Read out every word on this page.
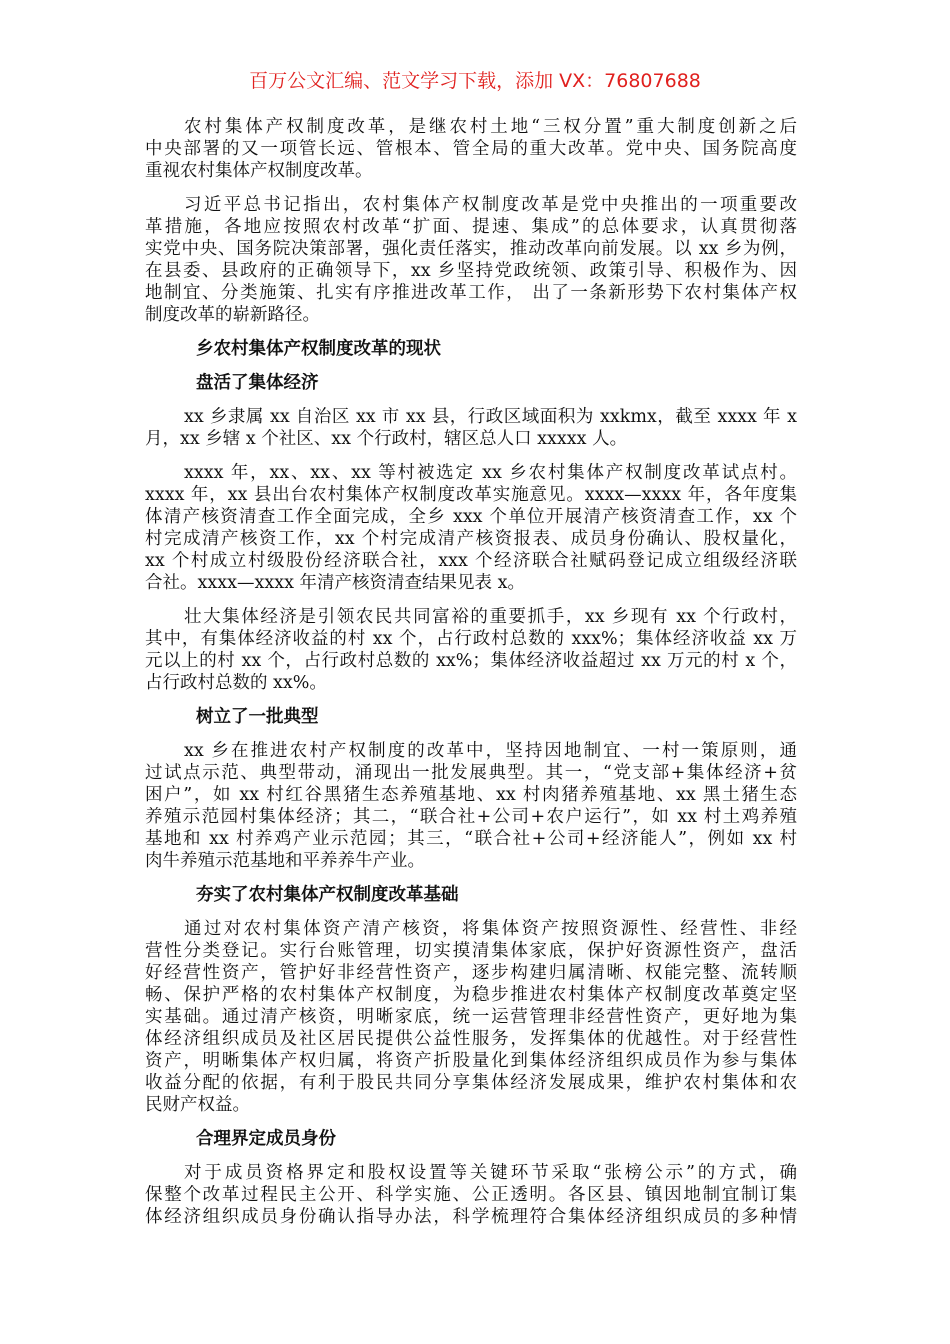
百万公文汇编、范文学习下载，添加 VX：76807688
农村集体产权制度改革，是继农村土地“三权分置”重大制度创新之后
中央部署的又一项管长远、管根本、管全局的重大改革。党中央、国务院高度
重视农村集体产权制度改革。
习近平总书记指出，农村集体产权制度改革是党中央推出的一项重要改
革措施，各地应按照农村改革“扩面、提速、集成”的总体要求，认真贯彻落
实党中央、国务院决策部署，强化责任落实，推动改革向前发展。以 xx 乡为例，
在县委、县政府的正确领导下，xx 乡坚持党政统领、政策引导、积极作为、因
地制宜、分类施策、扎实有序推进改革工作， 出了一条新形势下农村集体产权
制度改革的崭新路径。
乡农村集体产权制度改革的现状
盘活了集体经济
xx 乡隶属 xx 自治区 xx 市 xx 县，行政区域面积为 xxkmx，截至 xxxx 年 x
月，xx 乡辖 x 个社区、xx 个行政村，辖区总人口 xxxxx 人。
xxxx 年，xx、xx、xx 等村被选定 xx 乡农村集体产权制度改革试点村。
xxxx 年，xx 县出台农村集体产权制度改革实施意见。xxxx—xxxx 年，各年度集
体清产核资清查工作全面完成，全乡 xxx 个单位开展清产核资清查工作，xx 个
村完成清产核资工作，xx 个村完成清产核资报表、成员身份确认、股权量化，
xx 个村成立村级股份经济联合社，xxx 个经济联合社赋码登记成立组级经济联
合社。xxxx—xxxx 年清产核资清查结果见表 x。
壮大集体经济是引领农民共同富裕的重要抓手，xx 乡现有 xx 个行政村，
其中，有集体经济收益的村 xx 个，占行政村总数的 xxx%；集体经济收益 xx 万
元以上的村 xx 个，占行政村总数的 xx%；集体经济收益超过 xx 万元的村 x 个，
占行政村总数的 xx%。
树立了一批典型
xx 乡在推进农村产权制度的改革中，坚持因地制宜、一村一策原则，通
过试点示范、典型带动，涌现出一批发展典型。其一，“党支部+集体经济+贫
困户”，如 xx 村红谷黑猪生态养殖基地、xx 村肉猪养殖基地、xx 黑土猪生态
养殖示范园村集体经济；其二，“联合社+公司+农户运行”，如 xx 村土鸡养殖
基地和 xx 村养鸡产业示范园；其三，“联合社+公司+经济能人”，例如 xx 村
肉牛养殖示范基地和平养养牛产业。
夯实了农村集体产权制度改革基础
通过对农村集体资产清产核资，将集体资产按照资源性、经营性、非经
营性分类登记。实行台账管理，切实摸清集体家底，保护好资源性资产，盘活
好经营性资产，管护好非经营性资产，逐步构建归属清晰、权能完整、流转顺
畅、保护严格的农村集体产权制度，为稳步推进农村集体产权制度改革奠定坚
实基础。通过清产核资，明晰家底，统一运营管理非经营性资产，更好地为集
体经济组织成员及社区居民提供公益性服务，发挥集体的优越性。对于经营性
资产，明晰集体产权归属，将资产折股量化到集体经济组织成员作为参与集体
收益分配的依据，有利于股民共同分享集体经济发展成果，维护农村集体和农
民财产权益。
合理界定成员身份
对于成员资格界定和股权设置等关键环节采取“张榜公示”的方式，确
保整个改革过程民主公开、科学实施、公正透明。各区县、镇因地制宜制订集
体经济组织成员身份确认指导办法，科学梳理符合集体经济组织成员的多种情
